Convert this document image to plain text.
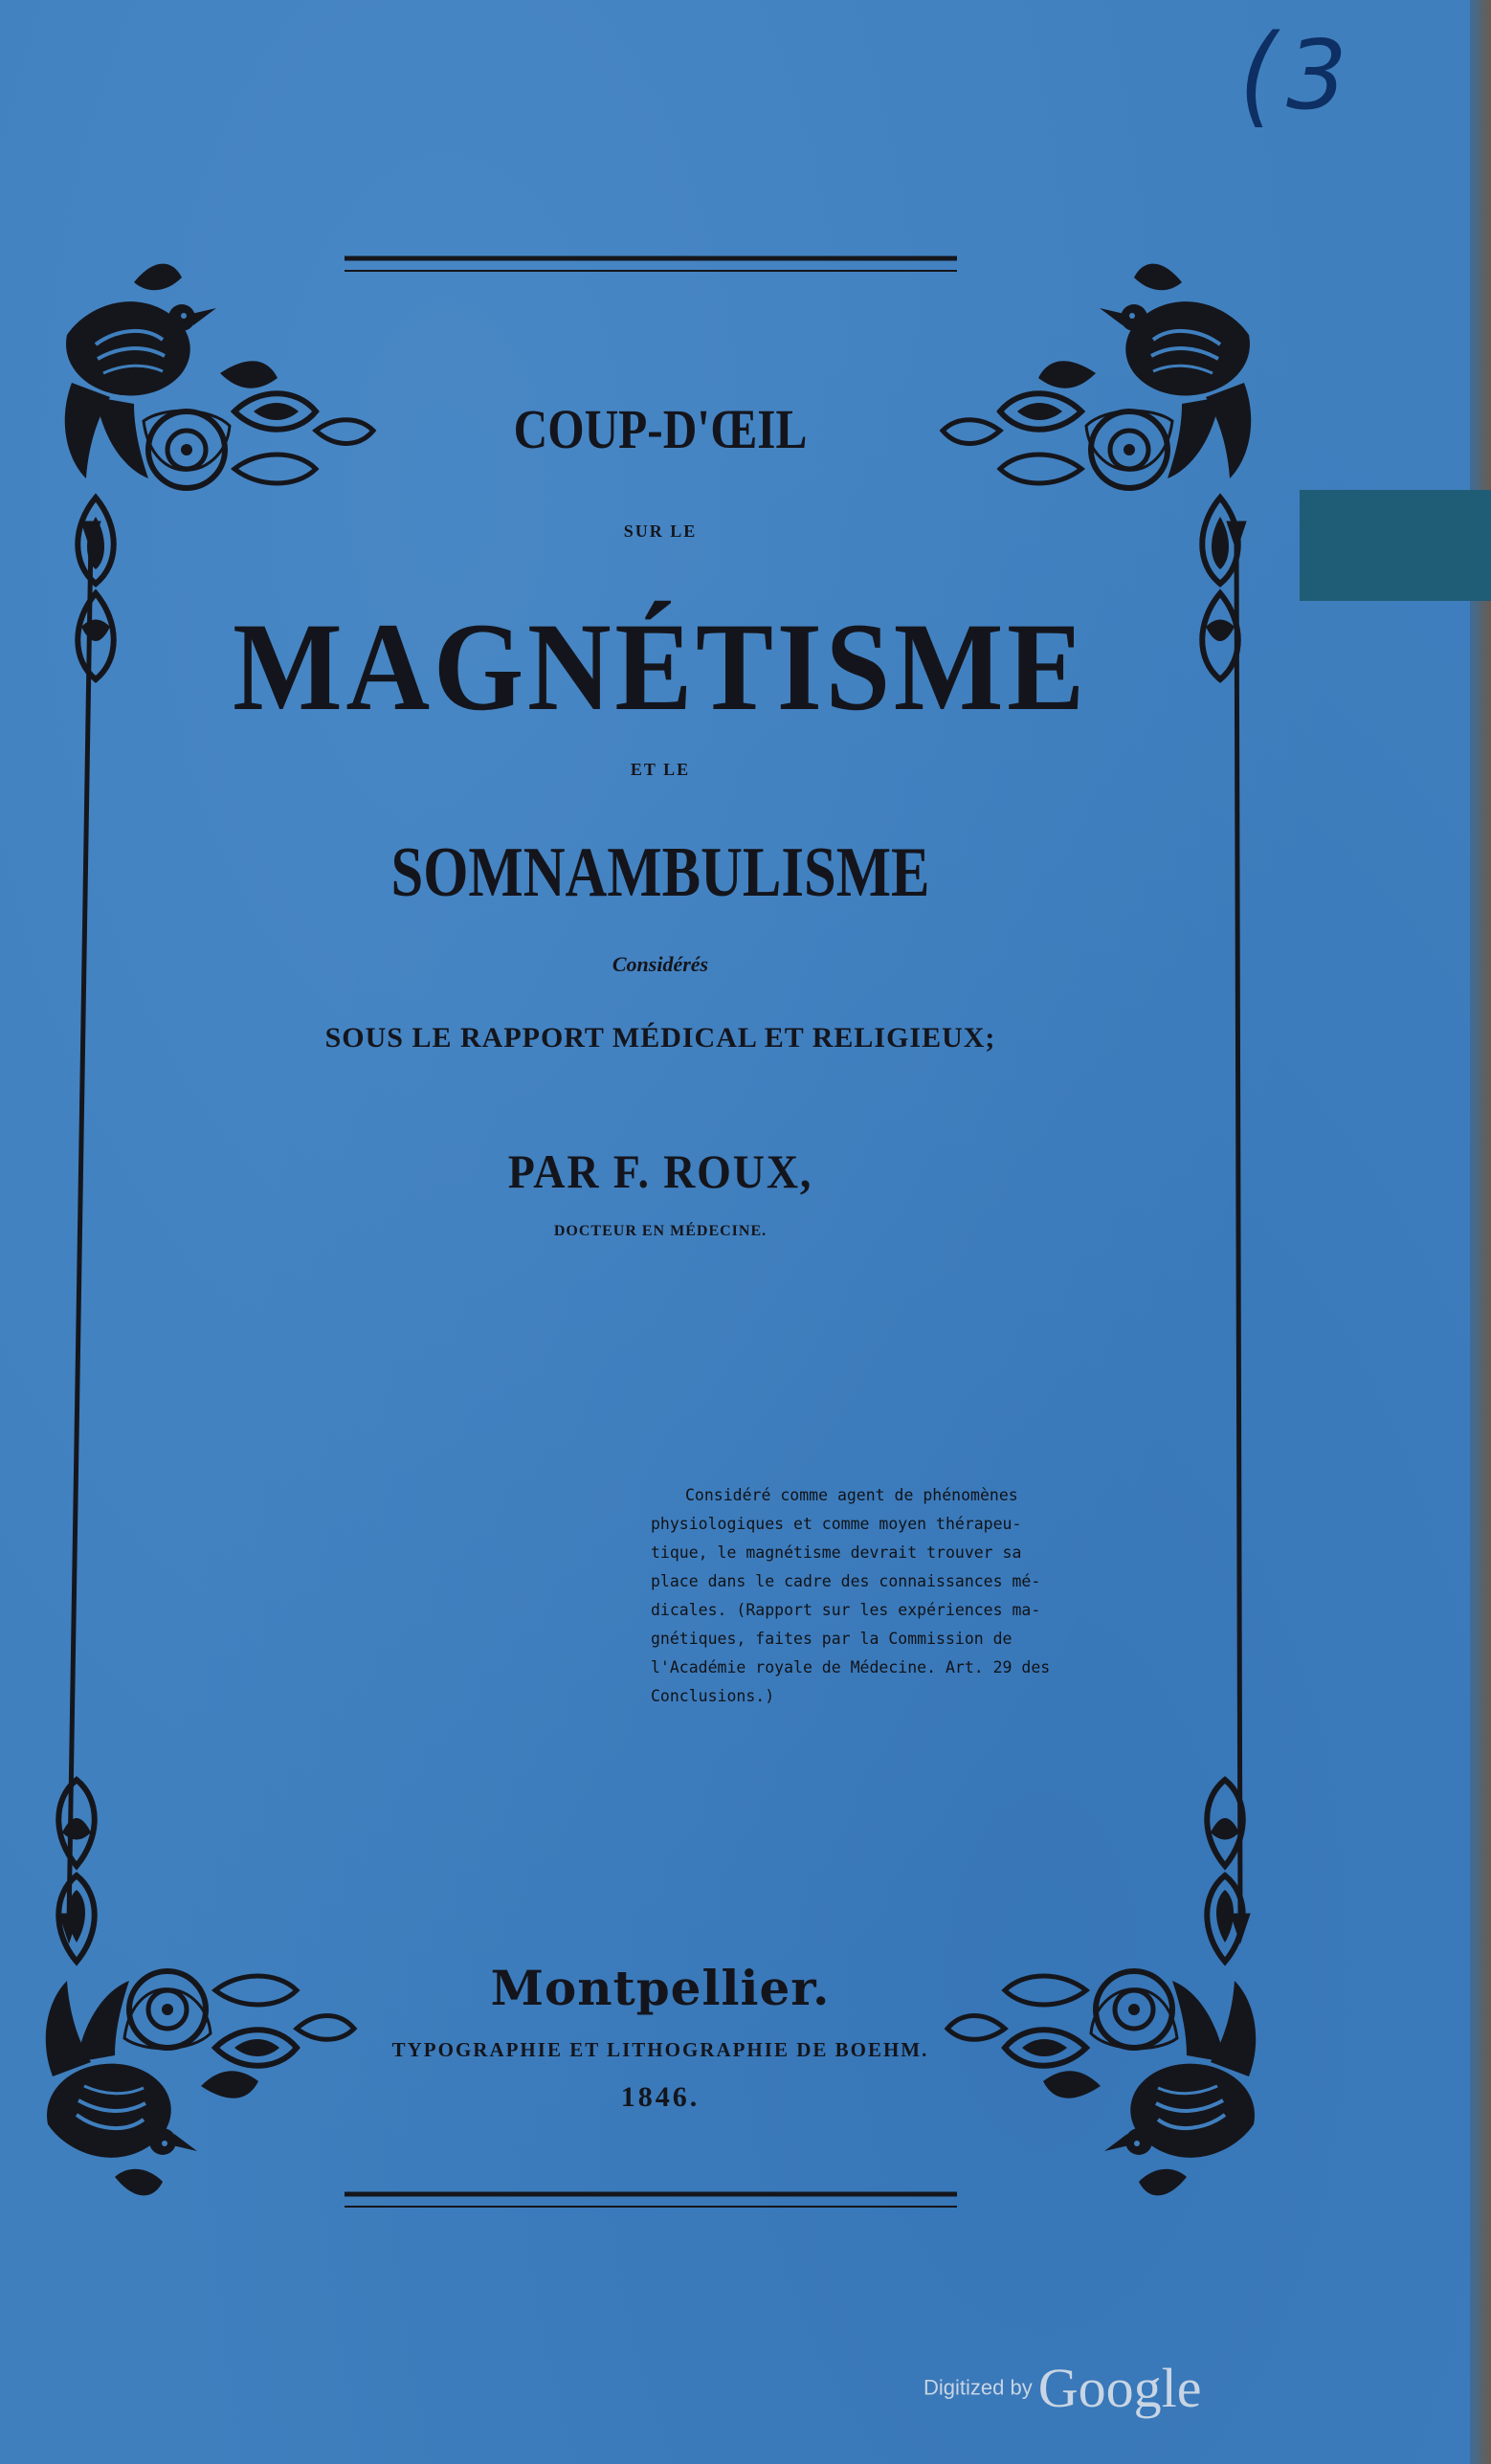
( 3

COUP-D'ŒIL

SUR LE

MAGNÉTISME

ET LE

SOMNAMBULISME

Considérés

SOUS LE RAPPORT MÉDICAL ET RELIGIEUX;

PAR F. ROUX,

DOCTEUR EN MÉDECINE.

Considéré comme agent de phénomènes
physiologiques et comme moyen thérapeu-
tique, le magnétisme devrait trouver sa
place dans le cadre des connaissances mé-
dicales. (Rapport sur les expériences ma-
gnétiques, faites par la Commission de
l'Académie royale de Médecine. Art. 29 des
Conclusions.)

Montpellier.

TYPOGRAPHIE ET LITHOGRAPHIE DE BOEHM.

1846.

Digitized by Google
